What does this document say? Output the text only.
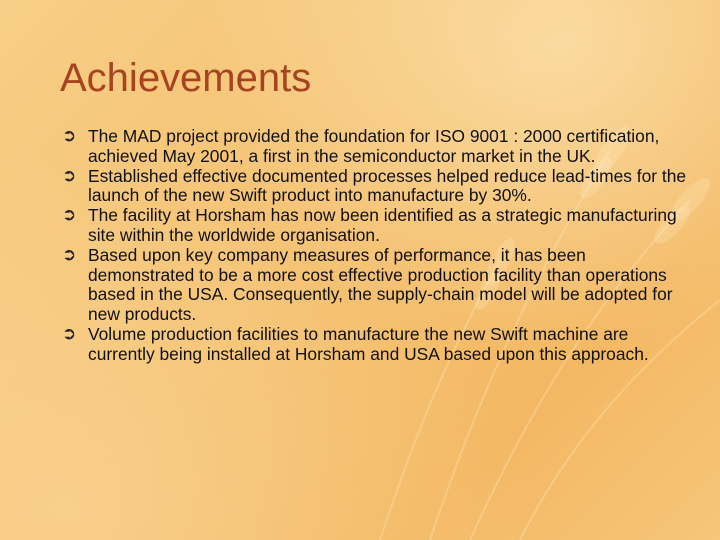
Achievements
➲ The MAD project provided the foundation for ISO 9001 : 2000 certification, achieved May 2001, a first in the semiconductor market in the UK.
➲ Established effective documented processes helped reduce lead-times for the launch of the new Swift product into manufacture by 30%.
➲ The facility at Horsham has now been identified as a strategic manufacturing site within the worldwide organisation.
➲ Based upon key company measures of performance, it has been demonstrated to be a more cost effective production facility than operations based in the USA. Consequently, the supply-chain model will be adopted for new products.
➲ Volume production facilities to manufacture the new Swift machine are currently being installed at Horsham and USA based upon this approach.
